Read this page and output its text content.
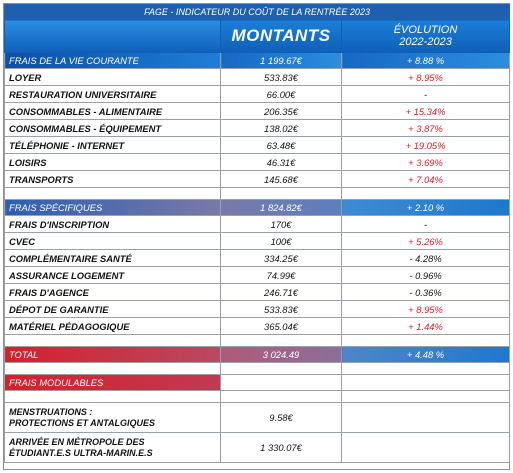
FAGE - INDICATEUR DU COÛT DE LA RENTRÉE 2023		
	MONTANTS	ÉVOLUTION
2022-2023

FRAIS DE LA VIE COURANTE	1 199.67€	+ 8.88 %
LOYER	533.83€	+ 8.95%
RESTAURATION UNIVERSITAIRE	66.00€	-
CONSOMMABLES - ALIMENTAIRE	206.35€	+ 15.34%
CONSOMMABLES - ÉQUIPEMENT	138.02€	+ 3.87%
TÉLÉPHONIE - INTERNET	63.48€	+ 19.05%
LOISIRS	46.31€	+ 3.69%
TRANSPORTS	145.68€	+ 7.04%

FRAIS SPÉCIFIQUES	1 824.82€	+ 2.10 %
FRAIS D'INSCRIPTION	170€	-
CVEC	100€	+ 5.26%
COMPLÉMENTAIRE SANTÉ	334.25€	- 4.28%
ASSURANCE LOGEMENT	74.99€	- 0.96%
FRAIS D'AGENCE	246.71€	- 0.36%
DÉPOT DE GARANTIE	533.83€	+ 8.95%
MATÉRIEL PÉDAGOGIQUE	365.04€	+ 1.44%

TOTAL	3 024.49	+ 4.48 %

FRAIS MODULABLES		

MENSTRUATIONS :
PROTECTIONS ET ANTALGIQUES	9.58€	

ARRIVÉE EN MÉTROPOLE DES
ÉTUDIANT.E.S ULTRA-MARIN.E.S	1 330.07€	
